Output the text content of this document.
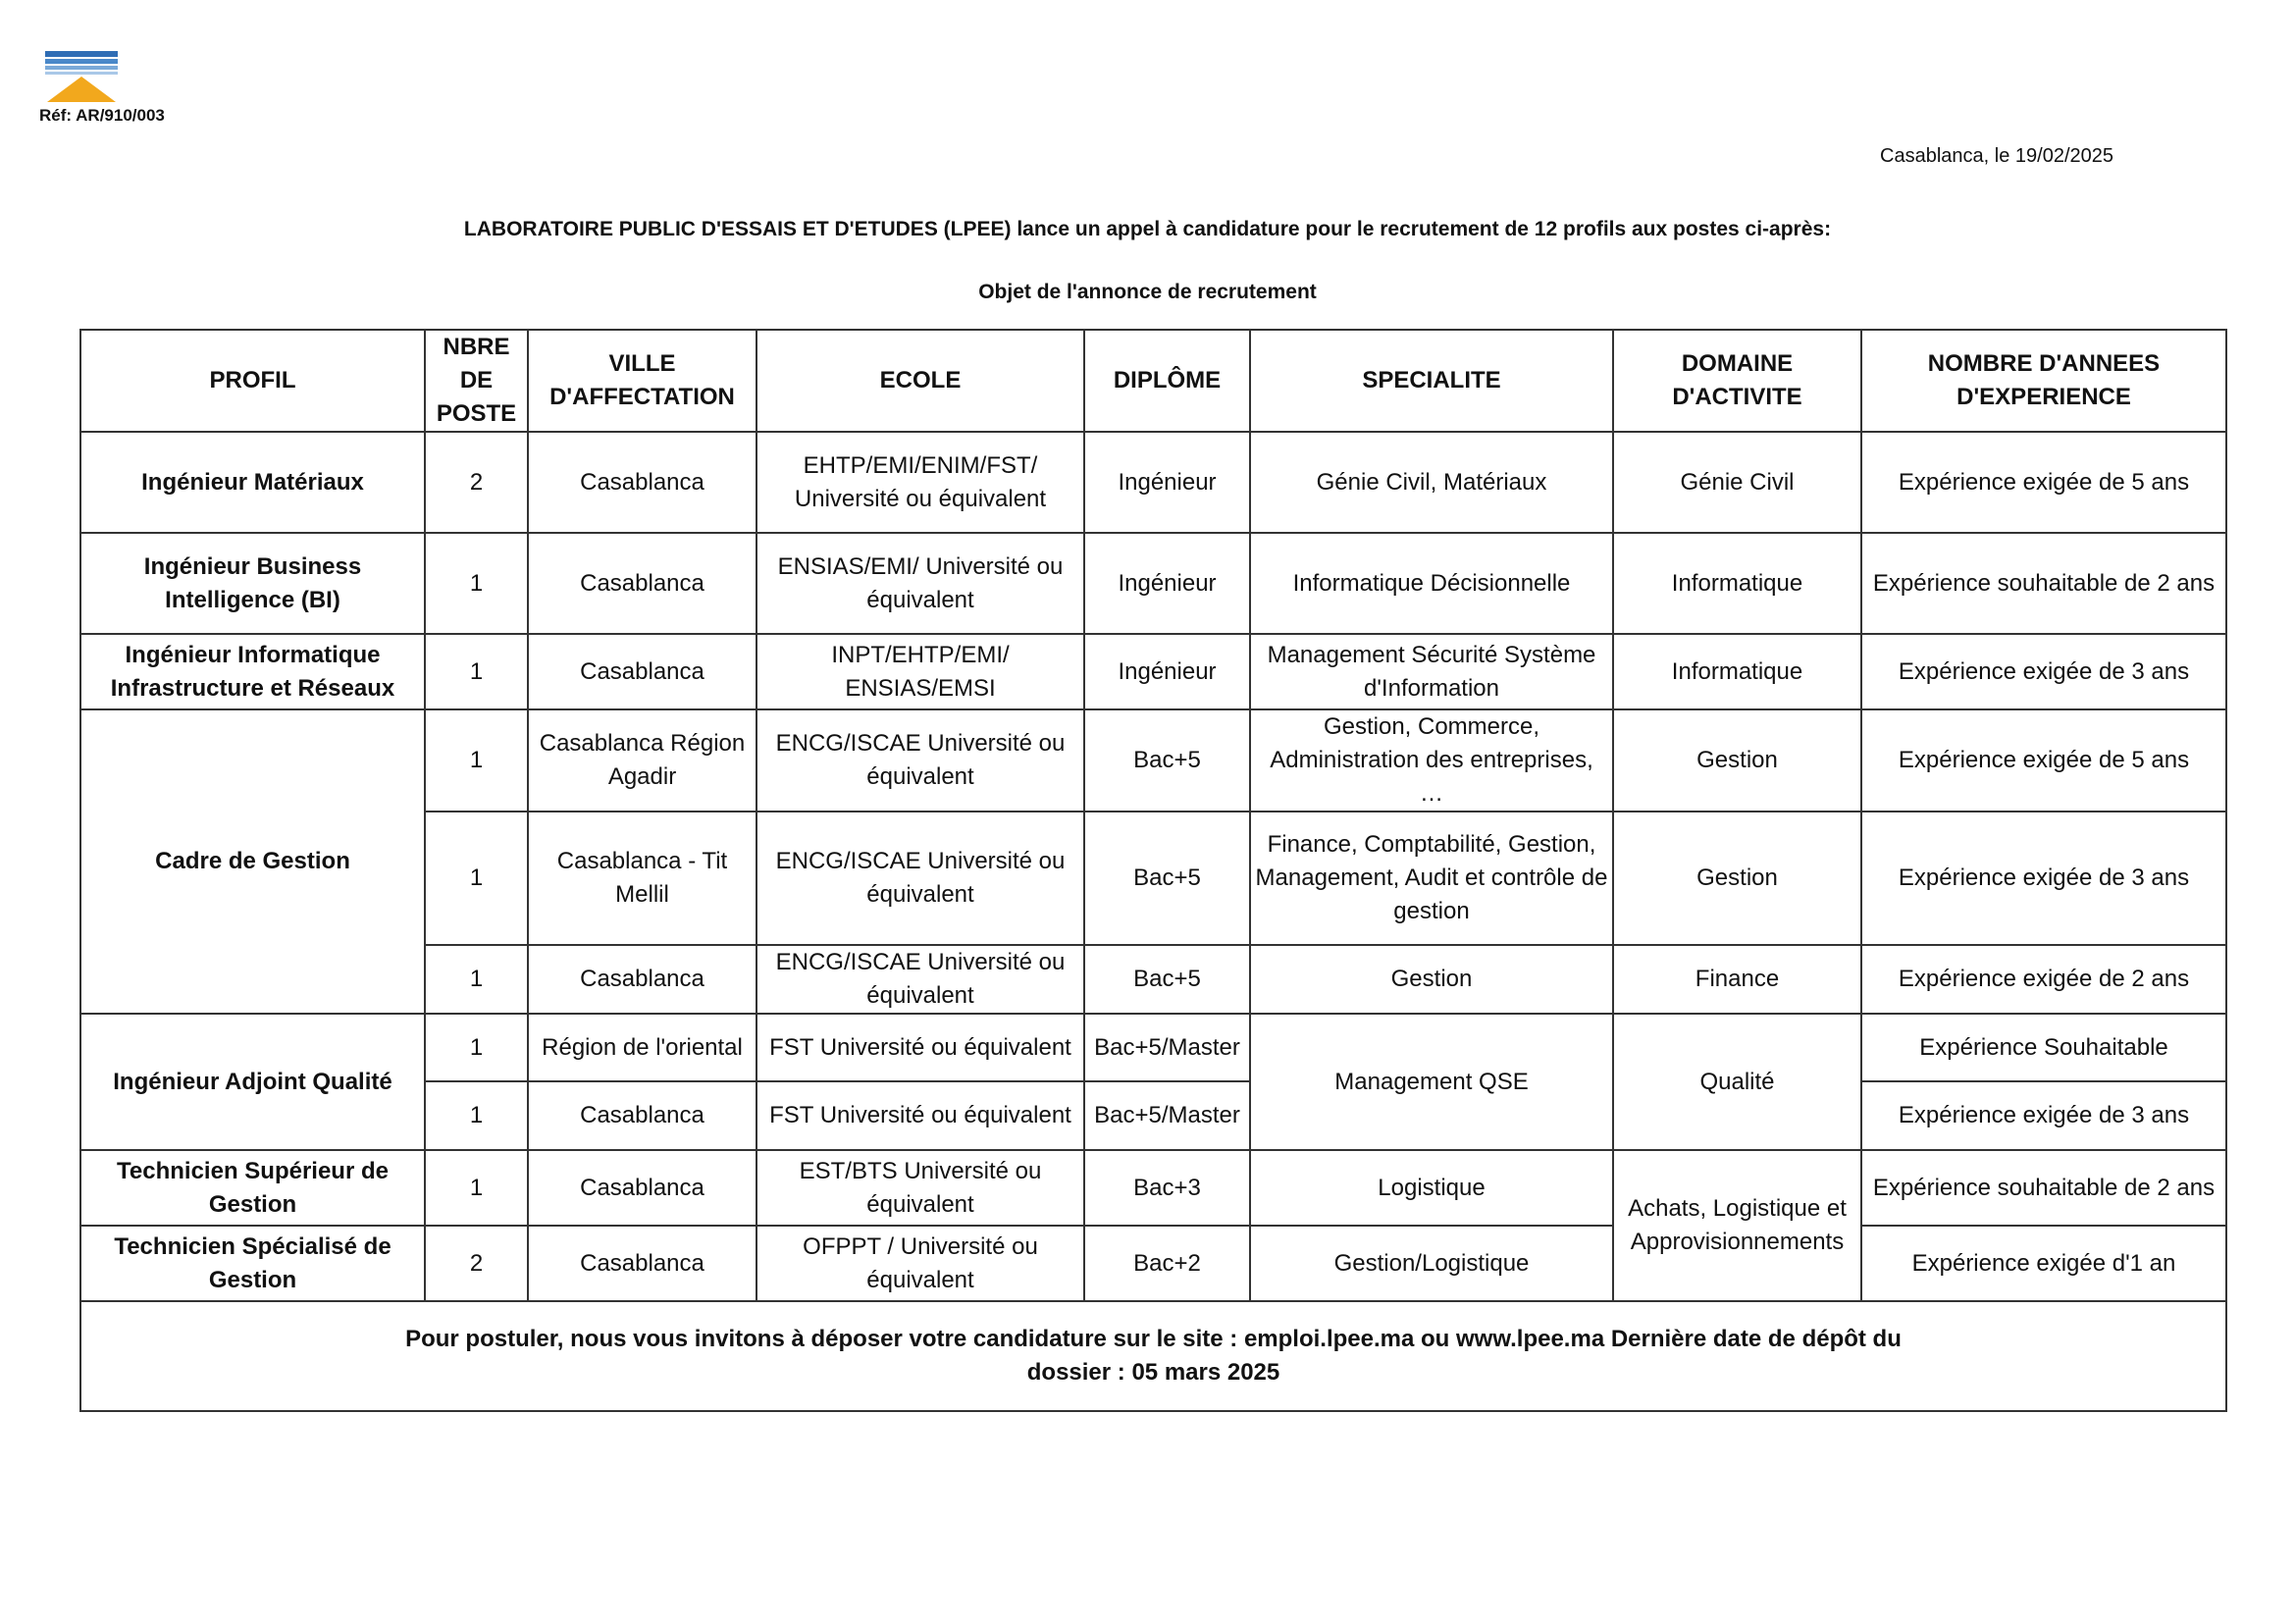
Réf: AR/910/003
Casablanca, le 19/02/2025
LABORATOIRE PUBLIC D'ESSAIS ET D'ETUDES (LPEE) lance un appel à candidature pour le recrutement de 12 profils aux postes ci-après:
Objet de l'annonce de recrutement
PROFIL	NBRE DE POSTE	VILLE D'AFFECTATION	ECOLE	DIPLÔME	SPECIALITE	DOMAINE D'ACTIVITE	NOMBRE D'ANNEES D'EXPERIENCE
Ingénieur Matériaux	2	Casablanca	EHTP/EMI/ENIM/FST/ Université ou équivalent	Ingénieur	Génie Civil, Matériaux	Génie Civil	Expérience exigée de 5 ans
Ingénieur Business Intelligence (BI)	1	Casablanca	ENSIAS/EMI/ Université ou équivalent	Ingénieur	Informatique Décisionnelle	Informatique	Expérience souhaitable de 2 ans
Ingénieur Informatique Infrastructure et Réseaux	1	Casablanca	INPT/EHTP/EMI/ ENSIAS/EMSI	Ingénieur	Management Sécurité Système d'Information	Informatique	Expérience exigée de 3 ans
Cadre de Gestion	1	Casablanca Région Agadir	ENCG/ISCAE Université ou équivalent	Bac+5	Gestion, Commerce, Administration des entreprises, …	Gestion	Expérience exigée de 5 ans
	1	Casablanca - Tit Mellil	ENCG/ISCAE Université ou équivalent	Bac+5	Finance, Comptabilité, Gestion, Management, Audit et contrôle de gestion	Gestion	Expérience exigée de 3 ans
	1	Casablanca	ENCG/ISCAE Université ou équivalent	Bac+5	Gestion	Finance	Expérience exigée de 2 ans
Ingénieur Adjoint Qualité	1	Région de l'oriental	FST Université ou équivalent	Bac+5/Master	Management QSE	Qualité	Expérience Souhaitable
	1	Casablanca	FST Université ou équivalent	Bac+5/Master			Expérience exigée de 3 ans
Technicien Supérieur de Gestion	1	Casablanca	EST/BTS Université ou équivalent	Bac+3	Logistique	Achats, Logistique et Approvisionnements	Expérience souhaitable de 2 ans
Technicien Spécialisé de Gestion	2	Casablanca	OFPPT / Université ou équivalent	Bac+2	Gestion/Logistique		Expérience exigée d'1 an

Pour postuler, nous vous invitons à déposer votre candidature sur le site : emploi.lpee.ma ou www.lpee.ma Dernière date de dépôt du dossier : 05 mars 2025							
